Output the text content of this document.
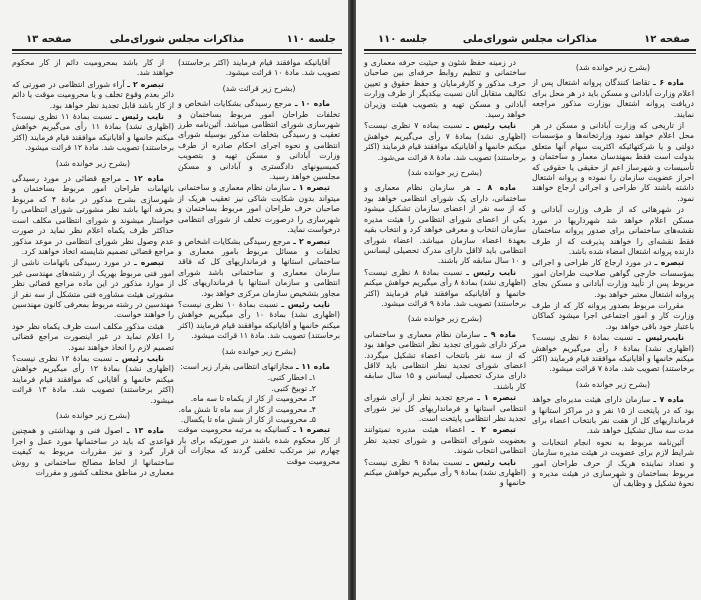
جلسه ۱۱۰
مذاکرات مجلس شورای‌ملی
صفحه ۱۳

آقایانیکه موافقند قیام فرمایند (اکثر برخاستند) تصویب شد. مادهٔ ۱۰ قرائت میشود.

(بشرح زیر قرائت شد)

ماده ۱۰ ـ مرجع رسیدگی بشکایات اشخاص و تخلفات طراحان امور مربوط بساختمان و شهرسازی شورای انتظامی میباشد. آئین‌نامه طرز تعقیب و رسیدگی بتخلفات مذکور بوسیله شورای انتظامی و نحوه اجرای احکام صادره از طرف وزارت آبادانی و مسکن تهیه و بتصویب کمیسیونهای دادگستری و آبادانی و مسکن مجلسین خواهد رسید.

تبصره ۱ ـ سازمان نظام معماری و ساختمانی میتواند بدون شکایت شاکی نیز تعقیب هریک از صاحبان حرف طراحان امور مربوط بساختمان و شهرسازی را درصورت تخلف از شورای انتظامی درخواست نماید.

تبصره ۲ ـ مرجع رسیدگی بشکایات اشخاص و تخلفات و مسائل مربوط بامور معماری و ساختمانی استانها و فرمانداریهای کل که فاقد سازمان معماری و ساختمانی باشد شورای انتظامی و سازمان استانها یا فرمانداریهای کل مجاور بتشخیص سازمان مرکزی خواهد بود.

نایب رئیس ـ نسبت بمادهٔ ۱۰ نظری نیست؟ (اظهاری نشد) بمادهٔ ۱۰ رأی میگیریم خواهش میکنم خانمها و آقایانیکه موافقند قیام فرمایند (اکثر برخاستند) تصویب شد. مادهٔ ۱۱ قرائت میشود.

(بشرح زیر خوانده شد)

ماده ۱۱ ـ مجازاتهای انتظامی بقرار زیر است:

۱ـ اخطار کتبی.

۲ـ توبیخ کتبی.

۳ـ محرومیت از کار از یکماه تا سه ماه.

۴ـ محرومیت از کار از سه ماه تا شش ماه.

۵ـ محرومیت از کار از شش ماه تا یکسال.

تبصره ۱ ـ کسانیکه به مرتبه محرومیت موقت از کار محکوم شده باشند در صورتیکه برای بار چهارم نیز مرتکب تخلفی گردند که مجازات آن محرومیت موقت

از کار باشد بمحرومیت دائم از کار محکوم خواهند شد.

تبصره ۲ ـ آراء شورای انتظامی در صورتی که دائر بعدم وقوع تخلف و یا محرومیت موقت یا دائم از کار باشد قابل تجدید نظر خواهد بود.

نایب رئیس ـ نسبت بمادهٔ ۱۱ نظری نیست؟ (اظهاری نشد) بمادهٔ ۱۱ رأی می‌گیریم خواهش میکنم خانمها و آقایانیکه موافقند قیام فرمایند (اکثر برخاستند) تصویب شد. مادهٔ ۱۲ قرائت میشود.

(بشرح زیر خوانده شد)

ماده ۱۲ ـ مراجع قضائی در مورد رسیدگی باتهامات طراحان امور مربوط بساختمان و شهرسازی بشرح مذکور در مادهٔ ۴ که مربوط بحرفه آنها باشد نظر مشورتی شورای انتظامی را خواستار میشوند و شورای انتظامی مکلف است حداکثر ظرف یکماه اعلام نظر نماید در صورت عدم وصول نظر شورای انتظامی در موعد مذکور مراجع قضائی تصمیم شایسته اتخاذ خواهند کرد.

تبصره ـ در مورد رسیدگی باتهامات ناشی از امور فنی مربوط بهریک از رشته‌های مهندسی غیر از موارد مذکور در این ماده مراجع قضائی نظر مشورتی هیئت مشاوره فنی متشکل از سه نفر از مهندسین در رشته مربوط بمعرفی کانون مهندسین را خواهند خواست.

هیئت مذکور مکلف است ظرف یکماه نظر خود را اعلام نماید در غیر اینصورت مراجع قضائی تصمیم لازم را اتخاذ خواهند نمود.

نایب رئیس ـ نسبت بمادهٔ ۱۲ نظری نیست؟ (اظهاری نشد) بمادهٔ ۱۲ رأی میگیریم خواهش میکنم خانمها و آقایانی که موافقند قیام فرمایند (اکثر برخاستند) تصویب شد. مادهٔ ۱۳ قرائت میشود.

(بشرح زیر خوانده شد)

ماده ۱۳ ـ اصول فنی و بهداشتی و همچنین قواعدی که باید در ساختمانها مورد عمل و اجرا قرار گیرد و نیز مقررات مربوط به کیفیت ساختمانها از لحاظ مصالح ساختمانی و روش معماری در مناطق مختلف کشور و مقررات

صفحه ۱۲
مذاکرات مجلس شورای‌ملی
جلسه ۱۱۰

(بشرح زیر خوانده شد)

ماده ۶ ـ تقاضا کنندگان پروانه اشتغال پس از اعلام وزارت آبادانی و مسکن باید در هر محل برای دریافت پروانه اشتغال بوزارت مذکور مراجعه نمایند.

از تاریخی که وزارت آبادانی و مسکن در هر محل اعلام خواهد نمود وزارتخانه‌ها و مؤسسات دولتی و یا شرکتهائیکه اکثریت سهام آنها متعلق بدولت است فقط بمهندسان معمار و ساختمان و تأسیسات و شهرساز اعم از حقیقی یا حقوقی که احراز عضویت سازمان را نموده و پروانه اشتغال داشته باشند کار طراحی و اجرائی ارجاع خواهند نمود.

در شهرهائی که از طرف وزارت آبادانی و مسکن اعلام خواهد شد شهرداریها در مورد نقشه‌های ساختمانی برای صدور پروانه ساختمان فقط نقشه‌ای را خواهند پذیرفت که از طرف دارنده پروانه اشتغال امضاء شده باشد.

تبصره ـ در مورد ارجاع کار طراحی و اجرائی بمؤسسات خارجی گواهی صلاحیت طراحان امور مربوط پس از تأیید وزارت آبادانی و مسکن بجای پروانه اشتغال معتبر خواهد بود.

مقررات مربوط بصدور پروانه کار که از طرف وزارت کار و امور اجتماعی اجرا میشود کماکان باعتبار خود باقی خواهد بود.

نایب‌رئیس ـ نسبت بمادهٔ ۶ نظری نیست؟ (اظهاری نشد) بمادهٔ ۶ رأی می‌گیریم خواهش میکنم خانمها و آقایانیکه موافقند قیام فرمایند (اکثر برخاستند) تصویب شد. مادهٔ ۷ قرائت میشود.

(بشرح زیر خوانده شد)

ماده ۷ ـ سازمان دارای هیئت مدیره‌ای خواهد بود که در پایتخت از ۱۵ نفر و در مراکز استانها و فرمانداریهای کل از هفت نفر بانتخاب اعضاء برای مدت سه سال تشکیل خواهد شد.

آئین‌نامه مربوط به نحوه انجام انتخابات و شرایط لازم برای عضویت در هیئت مدیره سازمان و تعداد نماینده هریک از حرف طراحان امور مربوط بساختمان و شهرسازی در هیئت مدیره و نحوهٔ تشکیل و وظایف آن

در زمینه حفظ شئون و حیثیت حرفه معماری و ساختمانی و تنظیم روابط حرفه‌ای بین صاحبان حرف مذکور و کارفرمایان و حفظ حقوق و تعیین تکالیف متقابل آنان نسبت بیکدیگر از طرف وزارت آبادانی و مسکن تهیه و بتصویب هیئت وزیران خواهد رسید.

نایب رئیس ـ نسبت بماده ۷ نظری نیست؟ (اظهاری نشد) بمادهٔ ۷ رأی می‌گیریم خواهش میکنم خانمها و آقایانیکه موافقند قیام فرمایند (اکثر برخاستند) تصویب شد. مادهٔ ۸ قرائت می‌شود.

(بشرح زیر خوانده شد)

ماده ۸ ـ هر سازمان نظام معماری و ساختمانی، دارای یک شورای انتظامی خواهد بود که از سه نفر از اعضای سازمان تشکیل میشود یکی از اعضای شورای انتظامی را هیئت مدیره سازمان انتخاب و معرفی خواهد کرد و انتخاب بقیه بعهدهٔ اعضاء سازمان میباشد. اعضاء شورای انتظامی باید لااقل دارای مدرک تحصیلی لیسانس و ۱۰ سال سابقه کار باشند.

نایب رئیس ـ نسبت بمادهٔ ۸ نظری نیست؟ (اظهاری نشد) بمادهٔ ۸ رأی میگیریم خواهش میکنم خانمها و آقایانیکه موافقند قیام فرمایند (اکثر برخاستند) تصویب شد. مادهٔ ۹ قرائت میشود.

(بشرح زیر خوانده شد)

ماده ۹ ـ سازمان نظام معماری و ساختمانی مرکز دارای شورای تجدید نظر انتظامی خواهد بود که از سه نفر بانتخاب اعضاء تشکیل میگردد. اعضای شورای تجدید نظر انتظامی باید لااقل دارای مدرک تحصیلی لیسانس و ۱۵ سال سابقه کار باشند.

تبصره ۱ ـ مرجع تجدید نظر از آرای شورای انتظامی استانها و فرمانداریهای کل نیز شورای تجدید نظر انتظامی پایتخت است.

تبصره ۲ ـ اعضاء هیئت مدیره نمیتوانند بعضویت شورای انتظامی و شورای تجدید نظر انتظامی انتخاب شوند.

نایب رئیس ـ نسبت بمادهٔ ۹ نظری نیست؟ (اظهاری نشد) بمادهٔ ۹ رأی میگیریم خواهش میکنم خانمها و
